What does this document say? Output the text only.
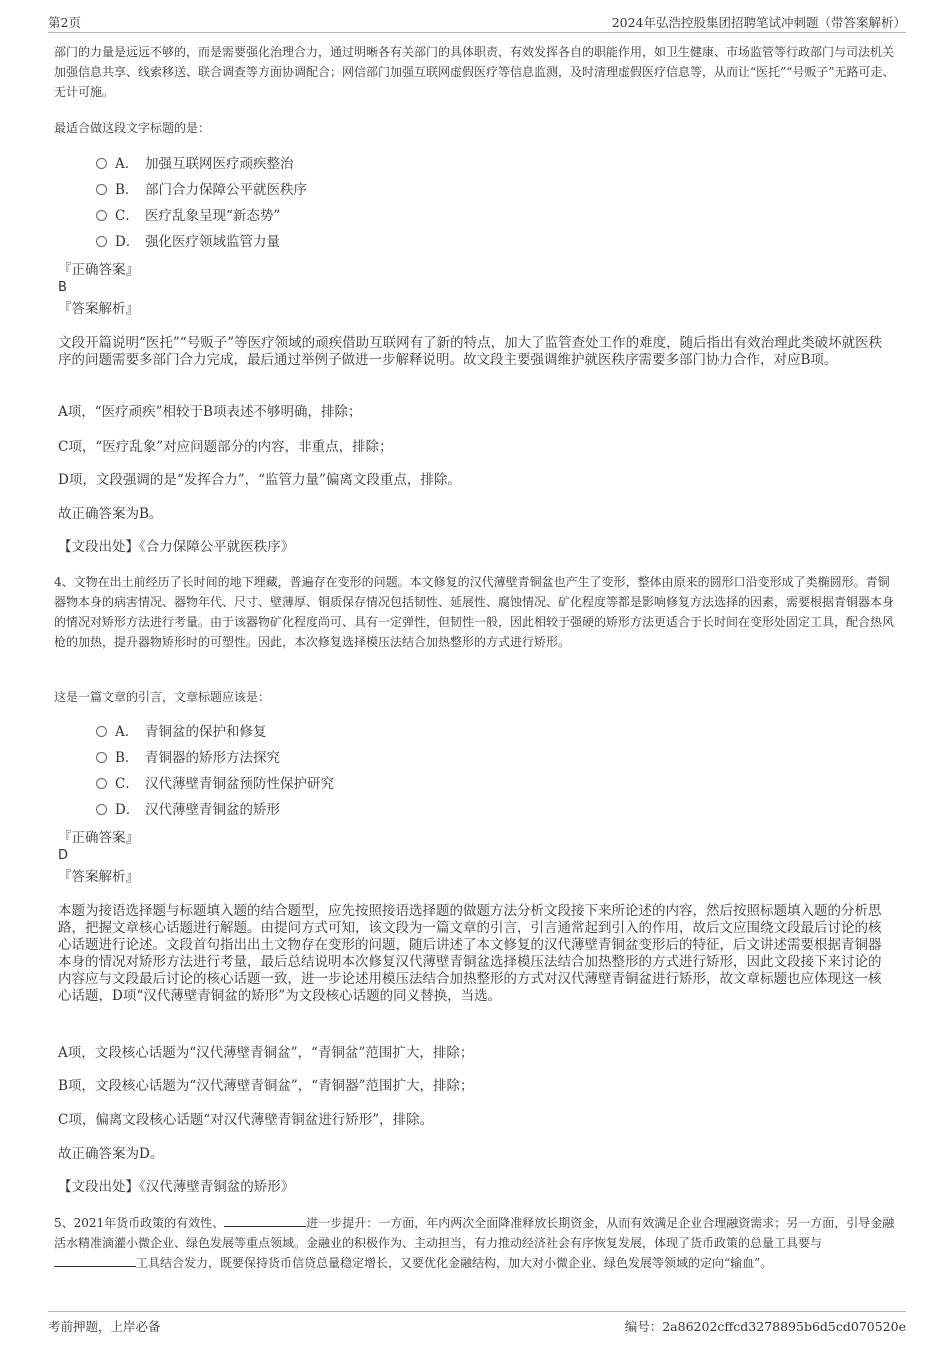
第2页	2024年弘浩控股集团招聘笔试冲刺题（带答案解析）
部门的力量是远远不够的，而是需要强化治理合力，通过明晰各有关部门的具体职责，有效发挥各自的职能作用，如卫生健康、市场监管等行政部门与司法机关加强信息共享、线索移送、联合调查等方面协调配合；网信部门加强互联网虚假医疗等信息监测，及时清理虚假医疗信息等，从而让“医托”“号贩子”无路可走、无计可施。
最适合做这段文字标题的是：
A． 加强互联网医疗顽疾整治
B． 部门合力保障公平就医秩序
C． 医疗乱象呈现“新态势”
D． 强化医疗领域监管力量
『正确答案』
B
『答案解析』
文段开篇说明“医托”“号贩子”等医疗领域的顽疾借助互联网有了新的特点，加大了监管查处工作的难度，随后指出有效治理此类破坏就医秩序的问题需要多部门合力完成，最后通过举例子做进一步解释说明。故文段主要强调维护就医秩序需要多部门协力合作，对应B项。
A项，“医疗顽疾”相较于B项表述不够明确，排除；
C项，“医疗乱象”对应问题部分的内容，非重点，排除；
D项，文段强调的是“发挥合力”，“监管力量”偏离文段重点，排除。
故正确答案为B。
【文段出处】《合力保障公平就医秩序》
4、文物在出土前经历了长时间的地下埋藏，普遍存在变形的问题。本文修复的汉代薄壁青铜盆也产生了变形，整体由原来的圆形口沿变形成了类椭圆形。青铜器物本身的病害情况、器物年代、尺寸、壁薄厚、铜质保存情况包括韧性、延展性、腐蚀情况、矿化程度等都是影响修复方法选择的因素，需要根据青铜器本身的情况对矫形方法进行考量。由于该器物矿化程度尚可、具有一定弹性，但韧性一般，因此相较于强硬的矫形方法更适合于长时间在变形处固定工具，配合热风枪的加热，提升器物矫形时的可塑性。因此，本次修复选择模压法结合加热整形的方式进行矫形。
这是一篇文章的引言，文章标题应该是：
A． 青铜盆的保护和修复
B． 青铜器的矫形方法探究
C． 汉代薄壁青铜盆预防性保护研究
D． 汉代薄壁青铜盆的矫形
『正确答案』
D
『答案解析』
本题为接语选择题与标题填入题的结合题型，应先按照接语选择题的做题方法分析文段接下来所论述的内容，然后按照标题填入题的分析思路，把握文章核心话题进行解题。由提问方式可知，该文段为一篇文章的引言，引言通常起到引入的作用，故后文应围绕文段最后讨论的核心话题进行论述。文段首句指出出土文物存在变形的问题，随后讲述了本文修复的汉代薄壁青铜盆变形后的特征，后文讲述需要根据青铜器本身的情况对矫形方法进行考量，最后总结说明本次修复汉代薄壁青铜盆选择模压法结合加热整形的方式进行矫形，因此文段接下来讨论的内容应与文段最后讨论的核心话题一致，进一步论述用模压法结合加热整形的方式对汉代薄壁青铜盆进行矫形，故文章标题也应体现这一核心话题，D项“汉代薄壁青铜盆的矫形”为文段核心话题的同义替换，当选。
A项，文段核心话题为“汉代薄壁青铜盆”，“青铜盆”范围扩大，排除；
B项，文段核心话题为“汉代薄壁青铜盆”，“青铜器”范围扩大，排除；
C项，偏离文段核心话题“对汉代薄壁青铜盆进行矫形”，排除。
故正确答案为D。
【文段出处】《汉代薄壁青铜盆的矫形》
5、2021年货币政策的有效性、	进一步提升：一方面，年内两次全面降准释放长期资金，从而有效满足企业合理融资需求；另一方面，引导金融活水精准滴灌小微企业、绿色发展等重点领域。金融业的积极作为、主动担当，有力推动经济社会有序恢复发展，体现了货币政策的总量工具要与工具结合发力，既要保持货币信贷总量稳定增长，又要优化金融结构，加大对小微企业、绿色发展等领域的定向“输血”。
考前押题，上岸必备	编号：2a86202cffcd3278895b6d5cd070520e
